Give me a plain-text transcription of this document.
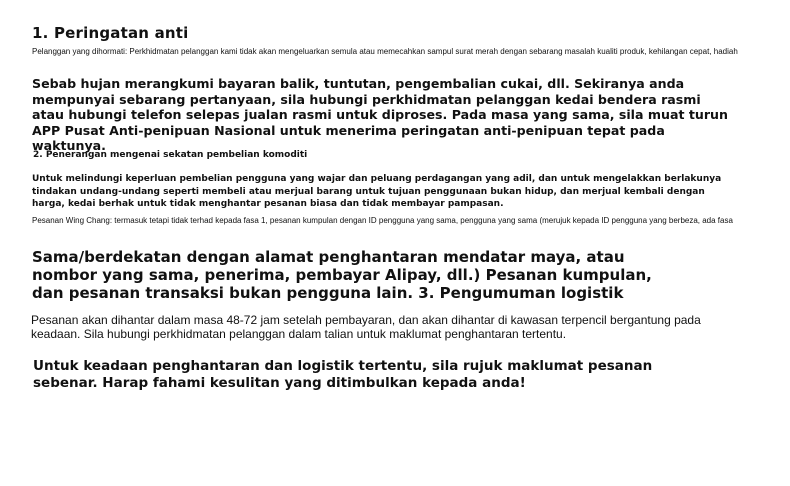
1. Peringatan anti

Pelanggan yang dihormati: Perkhidmatan pelanggan kami tidak akan mengeluarkan semula atau memecahkan sampul surat merah dengan sebarang masalah kualiti produk, kehilangan cepat, hadiah

Sebab hujan merangkumi bayaran balik, tuntutan, pengembalian cukai, dll. Sekiranya anda mempunyai sebarang pertanyaan, sila hubungi perkhidmatan pelanggan kedai bendera rasmi atau hubungi telefon selepas jualan rasmi untuk diproses. Pada masa yang sama, sila muat turun APP Pusat Anti-penipuan Nasional untuk menerima peringatan anti-penipuan tepat pada waktunya.

2. Penerangan mengenai sekatan pembelian komoditi

Untuk melindungi keperluan pembelian pengguna yang wajar dan peluang perdagangan yang adil, dan untuk mengelakkan berlakunya tindakan undang-undang seperti membeli atau merjual barang untuk tujuan penggunaan bukan hidup, dan merjual kembali dengan harga, kedai berhak untuk tidak menghantar pesanan biasa dan tidak membayar pampasan.

Pesanan Wing Chang: termasuk tetapi tidak terhad kepada fasa 1, pesanan kumpulan dengan ID pengguna yang sama, pengguna yang sama (merujuk kepada ID pengguna yang berbeza, ada fasa

Sama/berdekatan dengan alamat penghantaran mendatar maya, atau nombor yang sama, penerima, pembayar Alipay, dll.) Pesanan kumpulan, dan pesanan transaksi bukan pengguna lain. 3. Pengumuman logistik

Pesanan akan dihantar dalam masa 48-72 jam setelah pembayaran, dan akan dihantar di kawasan terpencil bergantung pada keadaan. Sila hubungi perkhidmatan pelanggan dalam talian untuk maklumat penghantaran tertentu.

Untuk keadaan penghantaran dan logistik tertentu, sila rujuk maklumat pesanan sebenar. Harap fahami kesulitan yang ditimbulkan kepada anda!
